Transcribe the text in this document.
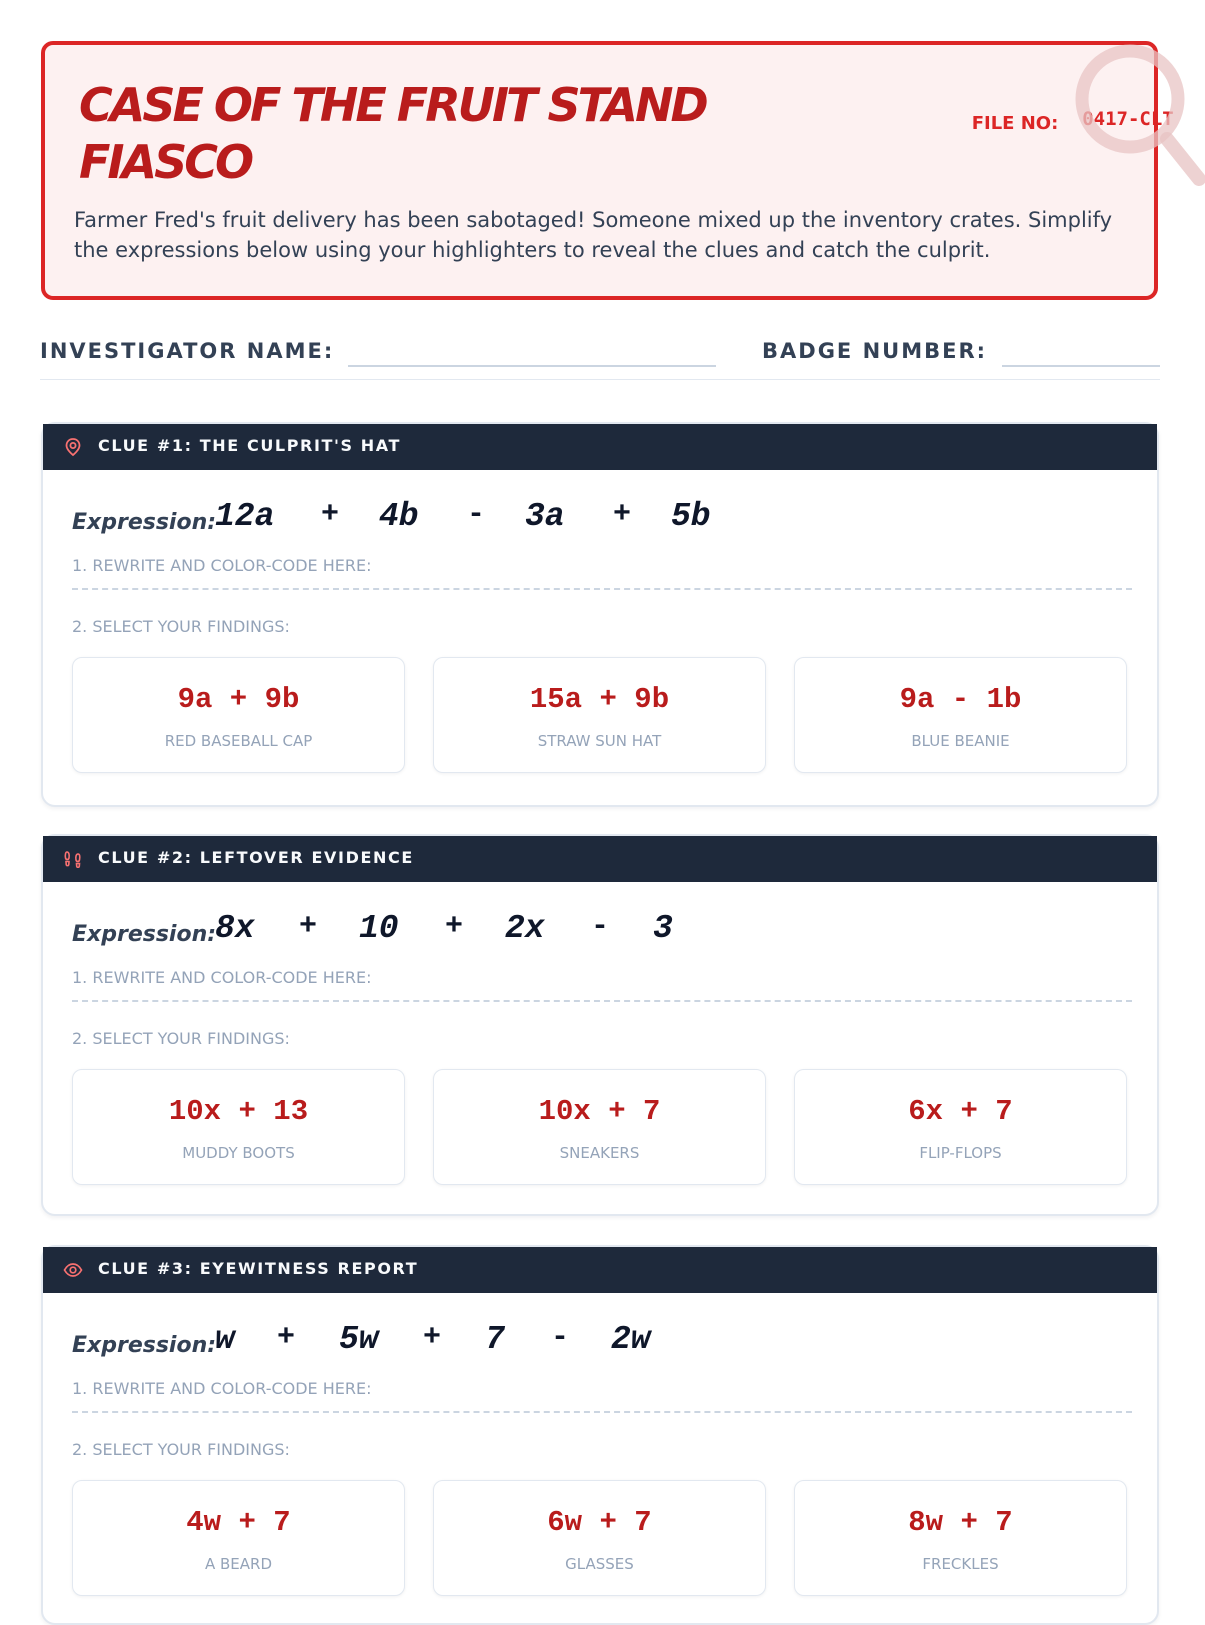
CASE OF THE FRUIT STAND FIASCO
FILE NO:	0417-CLT

Farmer Fred's fruit delivery has been sabotaged! Someone mixed up the inventory crates. Simplify the expressions below using your highlighters to reveal the clues and catch the culprit.

INVESTIGATOR NAME:	BADGE NUMBER:
CLUE #1: THE CULPRIT'S HAT
Expression:
12a + 4b - 3a + 5b
1. REWRITE AND COLOR-CODE HERE:
2. SELECT YOUR FINDINGS:
9a + 9b
RED BASEBALL CAP
15a + 9b
STRAW SUN HAT
9a - 1b
BLUE BEANIE
CLUE #2: LEFTOVER EVIDENCE
Expression:
8x + 10 + 2x - 3
1. REWRITE AND COLOR-CODE HERE:
2. SELECT YOUR FINDINGS:
10x + 13
MUDDY BOOTS
10x + 7
SNEAKERS
6x + 7
FLIP-FLOPS
CLUE #3: EYEWITNESS REPORT
Expression:
w + 5w + 7 - 2w
1. REWRITE AND COLOR-CODE HERE:
2. SELECT YOUR FINDINGS:
4w + 7
A BEARD
6w + 7
GLASSES
8w + 7
FRECKLES
